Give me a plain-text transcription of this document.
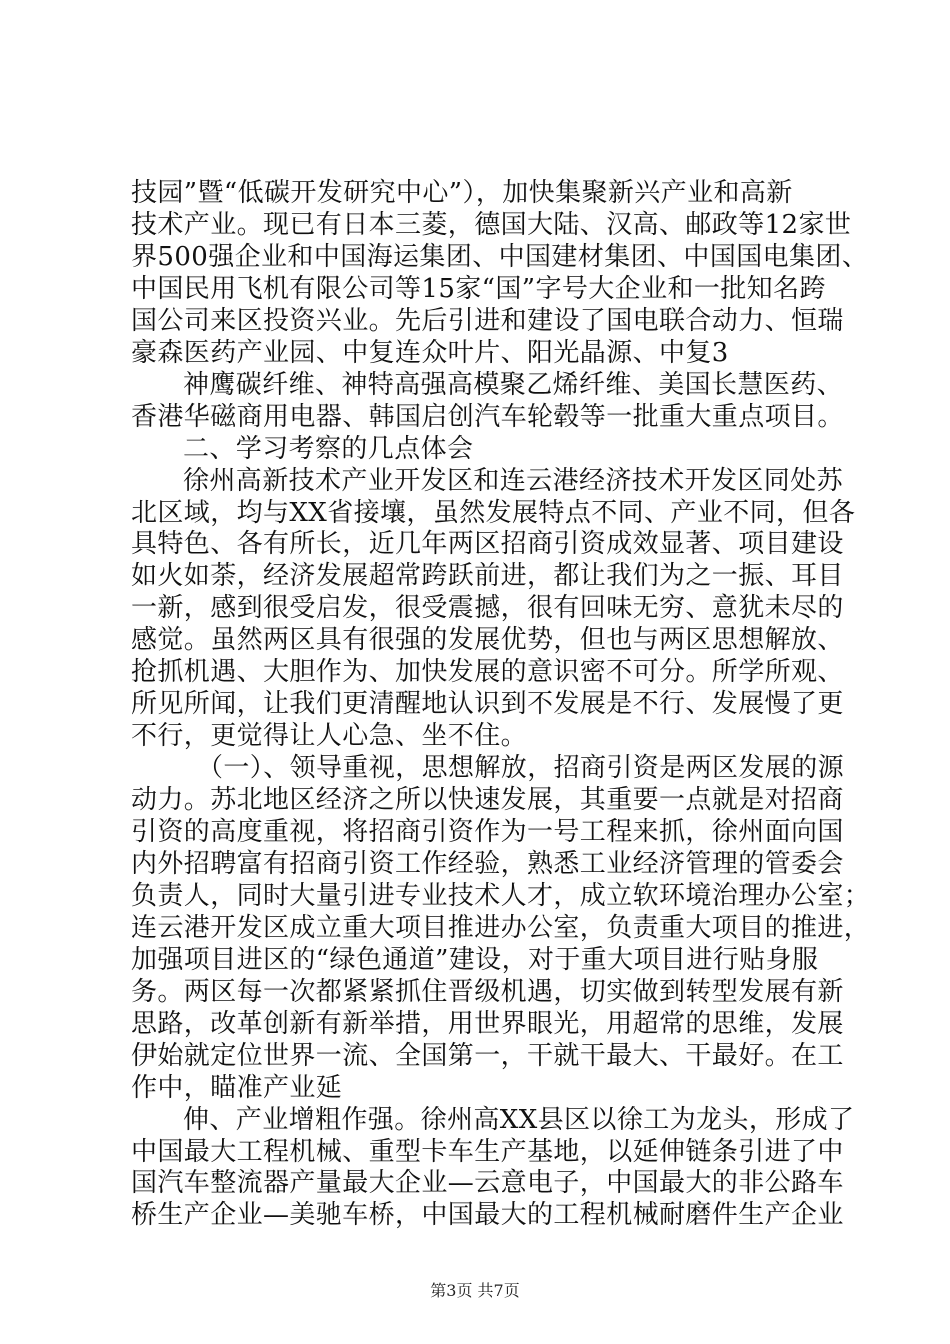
技园”暨“低碳开发研究中心”），加快集聚新兴产业和高新
技术产业。现已有日本三菱，德国大陆、汉高、邮政等12家世
界500强企业和中国海运集团、中国建材集团、中国国电集团、
中国民用飞机有限公司等15家“国”字号大企业和一批知名跨
国公司来区投资兴业。先后引进和建设了国电联合动力、恒瑞
豪森医药产业园、中复连众叶片、阳光晶源、中复3
神鹰碳纤维、神特高强高模聚乙烯纤维、美国长慧医药、
香港华磁商用电器、韩国启创汽车轮毂等一批重大重点项目。
二、学习考察的几点体会
徐州高新技术产业开发区和连云港经济技术开发区同处苏
北区域，均与XX省接壤，虽然发展特点不同、产业不同，但各
具特色、各有所长，近几年两区招商引资成效显著、项目建设
如火如荼，经济发展超常跨跃前进，都让我们为之一振、耳目
一新，感到很受启发，很受震撼，很有回味无穷、意犹未尽的
感觉。虽然两区具有很强的发展优势，但也与两区思想解放、
抢抓机遇、大胆作为、加快发展的意识密不可分。所学所观、
所见所闻，让我们更清醒地认识到不发展是不行、发展慢了更
不行，更觉得让人心急、坐不住。
（一）、领导重视，思想解放，招商引资是两区发展的源
动力。苏北地区经济之所以快速发展，其重要一点就是对招商
引资的高度重视，将招商引资作为一号工程来抓，徐州面向国
内外招聘富有招商引资工作经验，熟悉工业经济管理的管委会
负责人，同时大量引进专业技术人才，成立软环境治理办公室；
连云港开发区成立重大项目推进办公室，负责重大项目的推进，
加强项目进区的“绿色通道”建设，对于重大项目进行贴身服
务。两区每一次都紧紧抓住晋级机遇，切实做到转型发展有新
思路，改革创新有新举措，用世界眼光，用超常的思维，发展
伊始就定位世界一流、全国第一，干就干最大、干最好。在工
作中，瞄准产业延
伸、产业增粗作强。徐州高XX县区以徐工为龙头，形成了
中国最大工程机械、重型卡车生产基地，以延伸链条引进了中
国汽车整流器产量最大企业—云意电子，中国最大的非公路车
桥生产企业—美驰车桥，中国最大的工程机械耐磨件生产企业
第3页 共7页
